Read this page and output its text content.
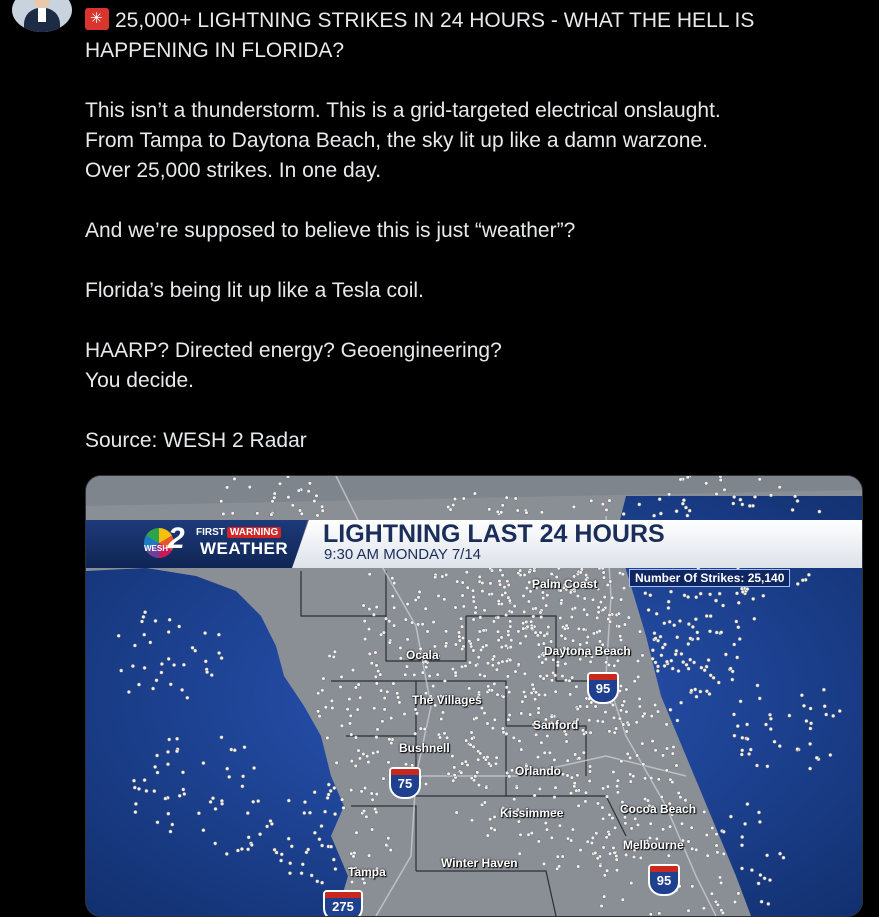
✳25,000+ LIGHTNING STRIKES IN 24 HOURS - WHAT THE HELL IS

HAPPENING IN FLORIDA?

This isn’t a thunderstorm. This is a grid-targeted electrical onslaught.

From Tampa to Daytona Beach, the sky lit up like a damn warzone.

Over 25,000 strikes. In one day.

And we’re supposed to believe this is just “weather”?

Florida’s being lit up like a Tesla coil.

HAARP? Directed energy? Geoengineering?

You decide.

Source: WESH 2 Radar

2
WESH
FIRST WARNING
WEATHER
LIGHTNING LAST 24 HOURS
9:30 AM MONDAY 7/14
Number Of Strikes: 25,140
Palm Coast
Ocala	Daytona Beach
The Villages
Sanford
Bushnell
Orlando
Kissimmee	Cocoa Beach
Melbourne
Winter Haven
Tampa
95
75
95
275
